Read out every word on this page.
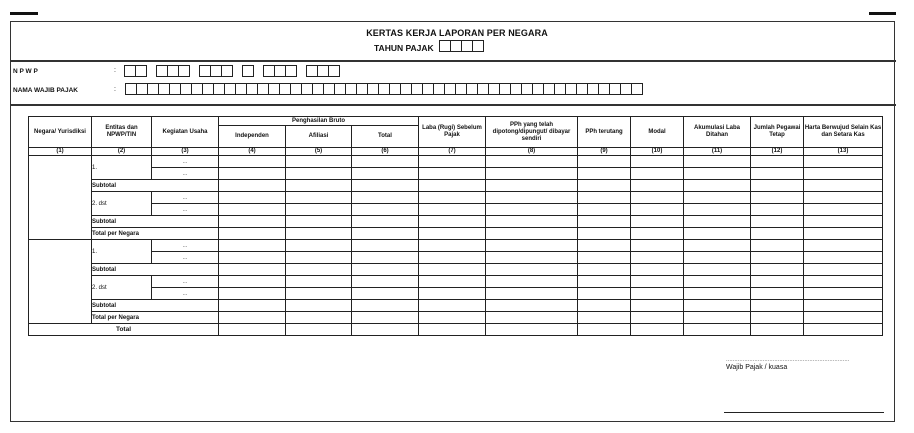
KERTAS KERJA LAPORAN PER NEGARA
TAHUN PAJAK
N P W P	:
NAMA WAJIB PAJAK	:
Negara/ Yurisdiksi	Entitas dan NPWP/TIN	Kegiatan Usaha	Penghasilan Bruto			Laba (Rugi) Sebelum Pajak	PPh yang telah dipotong/dipungut/ dibayar sendiri	PPh terutang	Modal	Akumulasi Laba Ditahan	Jumlah Pegawai Tetap	Harta Berwujud Selain Kas dan Setara Kas
			Independen	Afiliasi	Total							
(1)	(2)	(3)	(4)	(5)	(6)	(7)	(8)	(9)	(10)	(11)	(12)	(13)
	1.	...										
		...										
	Subtotal											
	2. dst	...										
		...										
	Subtotal											
	Total per Negara											
	1.	...										
		...										
	Subtotal											
	2. dst	...										
		...										
	Subtotal											
	Total per Negara											
Total												
..........................................................................
Wajib Pajak / kuasa
